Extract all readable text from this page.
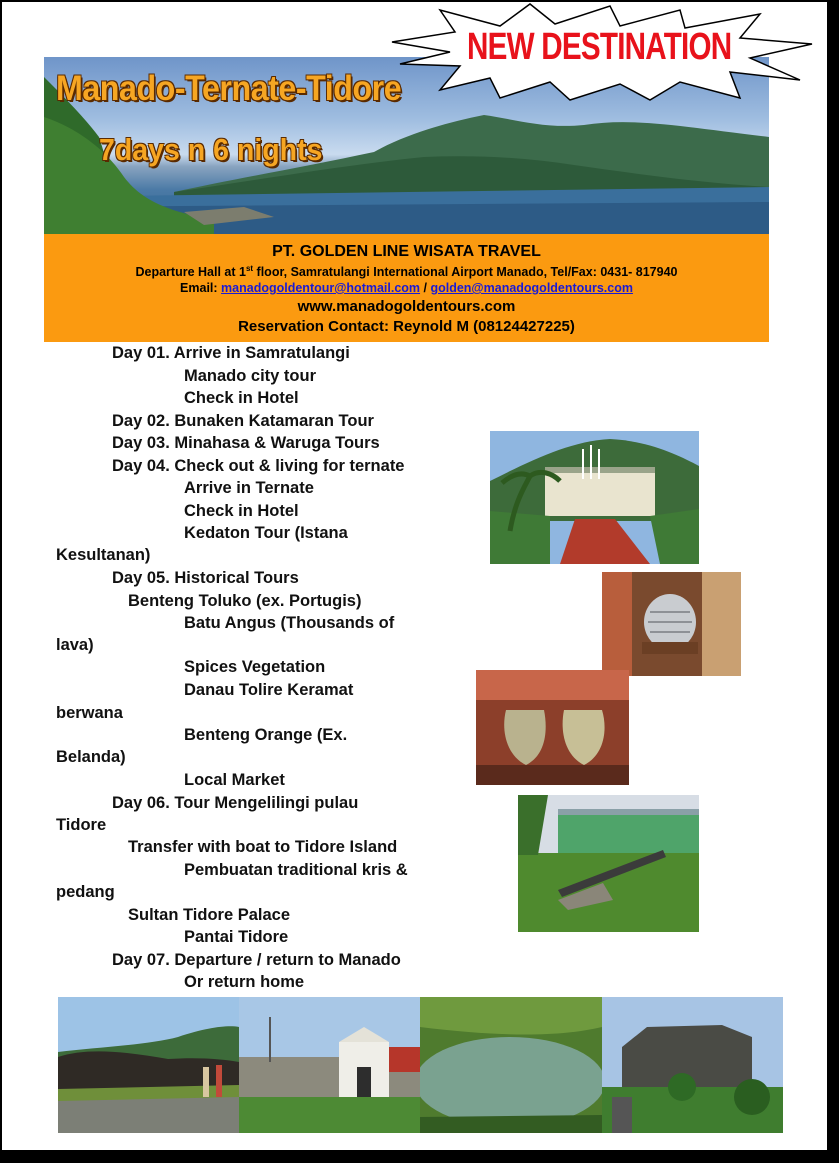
Manado-Ternate-Tidore
7days n 6 nights
NEW DESTINATION
PT. GOLDEN LINE WISATA TRAVEL
Departure Hall at 1st floor, Samratulangi International Airport Manado, Tel/Fax: 0431- 817940
Email: manadogoldentour@hotmail.com / golden@manadogoldentours.com
www.manadogoldentours.com
Reservation Contact: Reynold M (08124427225)
Day 01. Arrive in Samratulangi
Manado city tour
Check in Hotel
Day 02. Bunaken Katamaran Tour
Day 03. Minahasa & Waruga Tours
Day 04. Check out & living for ternate
Arrive in Ternate
Check in Hotel
Kedaton Tour (Istana
Kesultanan)
Day 05. Historical Tours
Benteng Toluko (ex. Portugis)
Batu Angus (Thousands of
lava)
Spices Vegetation
Danau Tolire Keramat
berwana
Benteng Orange (Ex.
Belanda)
Local Market
Day 06. Tour Mengelilingi pulau
Tidore
Transfer with boat to Tidore Island
Pembuatan traditional kris &
pedang
Sultan Tidore Palace
Pantai Tidore
Day 07. Departure / return to Manado
Or return home
